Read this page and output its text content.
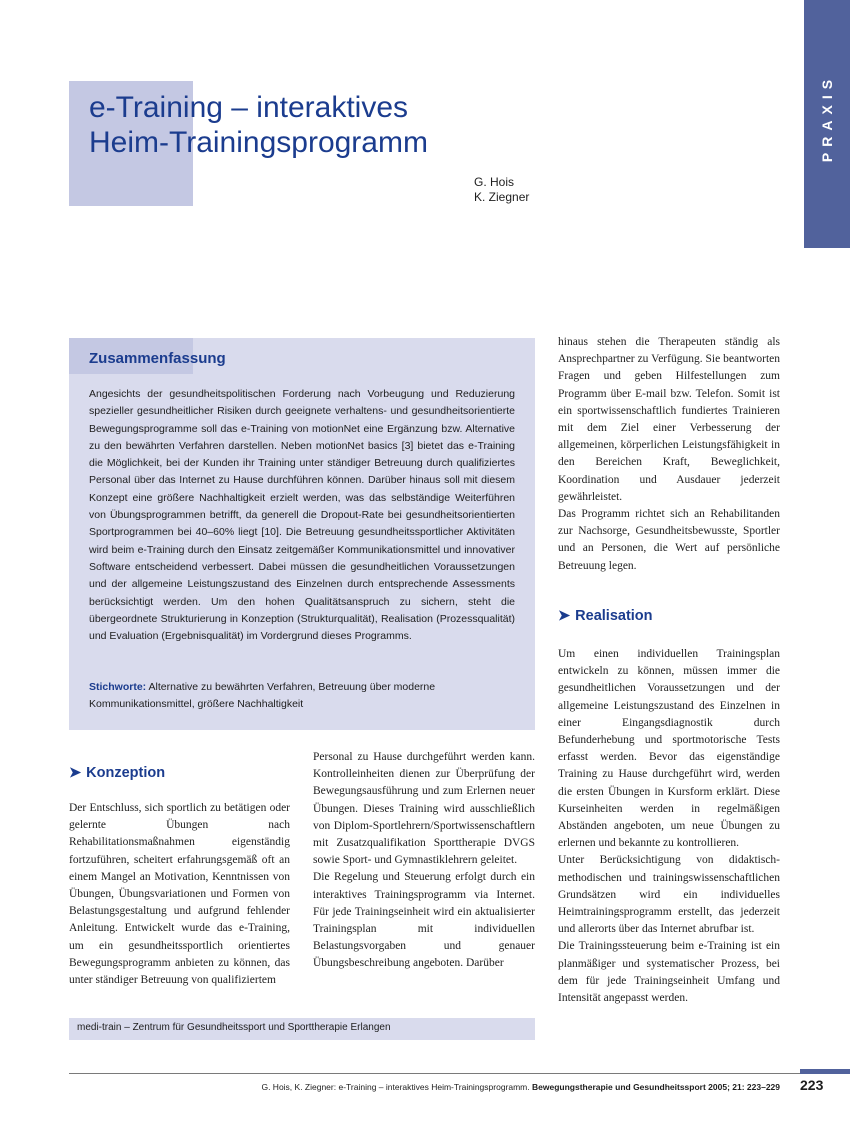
PRAXIS
e-Training – interaktives
Heim-Trainingsprogramm
G. Hois
K. Ziegner
Zusammenfassung

Angesichts der gesundheitspolitischen Forderung nach Vorbeugung und Reduzierung spezieller gesundheitlicher Risiken durch geeignete verhaltens- und gesundheitsorientierte Bewegungsprogramme soll das e-Training von motionNet eine Ergänzung bzw. Alternative zu den bewährten Verfahren darstellen. Neben motionNet basics [3] bietet das e-Training die Möglichkeit, bei der Kunden ihr Training unter ständiger Betreuung durch qualifiziertes Personal über das Internet zu Hause durchführen können. Darüber hinaus soll mit diesem Konzept eine größere Nachhaltigkeit erzielt werden, was das selbständige Weiterführen von Übungsprogrammen betrifft, da generell die Dropout-Rate bei gesundheitsorientierten Sportprogrammen bei 40–60% liegt [10]. Die Betreuung gesundheitssportlicher Aktivitäten wird beim e-Training durch den Einsatz zeitgemäßer Kommunikationsmittel und innovativer Software entscheidend verbessert. Dabei müssen die gesundheitlichen Voraussetzungen und der allgemeine Leistungszustand des Einzelnen durch entsprechende Assessments berücksichtigt werden. Um den hohen Qualitätsanspruch zu sichern, steht die übergeordnete Strukturierung in Konzeption (Strukturqualität), Realisation (Prozessqualität) und Evaluation (Ergebnisqualität) im Vordergrund dieses Programms.

Stichworte: Alternative zu bewährten Verfahren, Betreuung über moderne Kommunikationsmittel, größere Nachhaltigkeit

hinaus stehen die Therapeuten ständig als Ansprechpartner zu Verfügung. Sie beantworten Fragen und geben Hilfestellungen zum Programm über E-mail bzw. Telefon. Somit ist ein sportwissenschaftlich fundiertes Trainieren mit dem Ziel einer Verbesserung der allgemeinen, körperlichen Leistungsfähigkeit in den Bereichen Kraft, Beweglichkeit, Koordination und Ausdauer jederzeit gewährleistet.

Das Programm richtet sich an Rehabilitanden zur Nachsorge, Gesundheitsbewusste, Sportler und an Personen, die Wert auf persönliche Betreuung legen.

➤ Realisation

Um einen individuellen Trainingsplan entwickeln zu können, müssen immer die gesundheitlichen Voraussetzungen und der allgemeine Leistungszustand des Einzelnen in einer Eingangsdiagnostik durch Befunderhebung und sportmotorische Tests erfasst werden. Bevor das eigenständige Training zu Hause durchgeführt wird, werden die ersten Übungen in Kursform erklärt. Diese Kurseinheiten werden in regelmäßigen Abständen angeboten, um neue Übungen zu erlernen und bekannte zu kontrollieren.

Unter Berücksichtigung von didaktisch-methodischen und trainingswissenschaftlichen Grundsätzen wird ein individuelles Heimtrainingsprogramm erstellt, das jederzeit und allerorts über das Internet abrufbar ist.

Die Trainingssteuerung beim e-Training ist ein planmäßiger und systematischer Prozess, bei dem für jede Trainingseinheit Umfang und Intensität angepasst werden.

➤ Konzeption

Der Entschluss, sich sportlich zu betätigen oder gelernte Übungen nach Rehabilitationsmaßnahmen eigenständig fortzuführen, scheitert erfahrungsgemäß oft an einem Mangel an Motivation, Kenntnissen von Übungen, Übungsvariationen und Formen von Belastungsgestaltung und aufgrund fehlender Anleitung. Entwickelt wurde das e-Training, um ein gesundheitssportlich orientiertes Bewegungsprogramm anbieten zu können, das unter ständiger Betreuung von qualifiziertem

Personal zu Hause durchgeführt werden kann. Kontrolleinheiten dienen zur Überprüfung der Bewegungsausführung und zum Erlernen neuer Übungen. Dieses Training wird ausschließlich von Diplom-Sportlehrern/Sportwissenschaftlern mit Zusatzqualifikation Sporttherapie DVGS sowie Sport- und Gymnastiklehrern geleitet.

Die Regelung und Steuerung erfolgt durch ein interaktives Trainingsprogramm via Internet. Für jede Trainingseinheit wird ein aktualisierter Trainingsplan mit individuellen Belastungsvorgaben und genauer Übungsbeschreibung angeboten. Darüber

medi-train – Zentrum für Gesundheitssport und Sporttherapie Erlangen
G. Hois, K. Ziegner: e-Training – interaktives Heim-Trainingsprogramm. Bewegungstherapie und Gesundheitssport 2005; 21: 223–229 223
